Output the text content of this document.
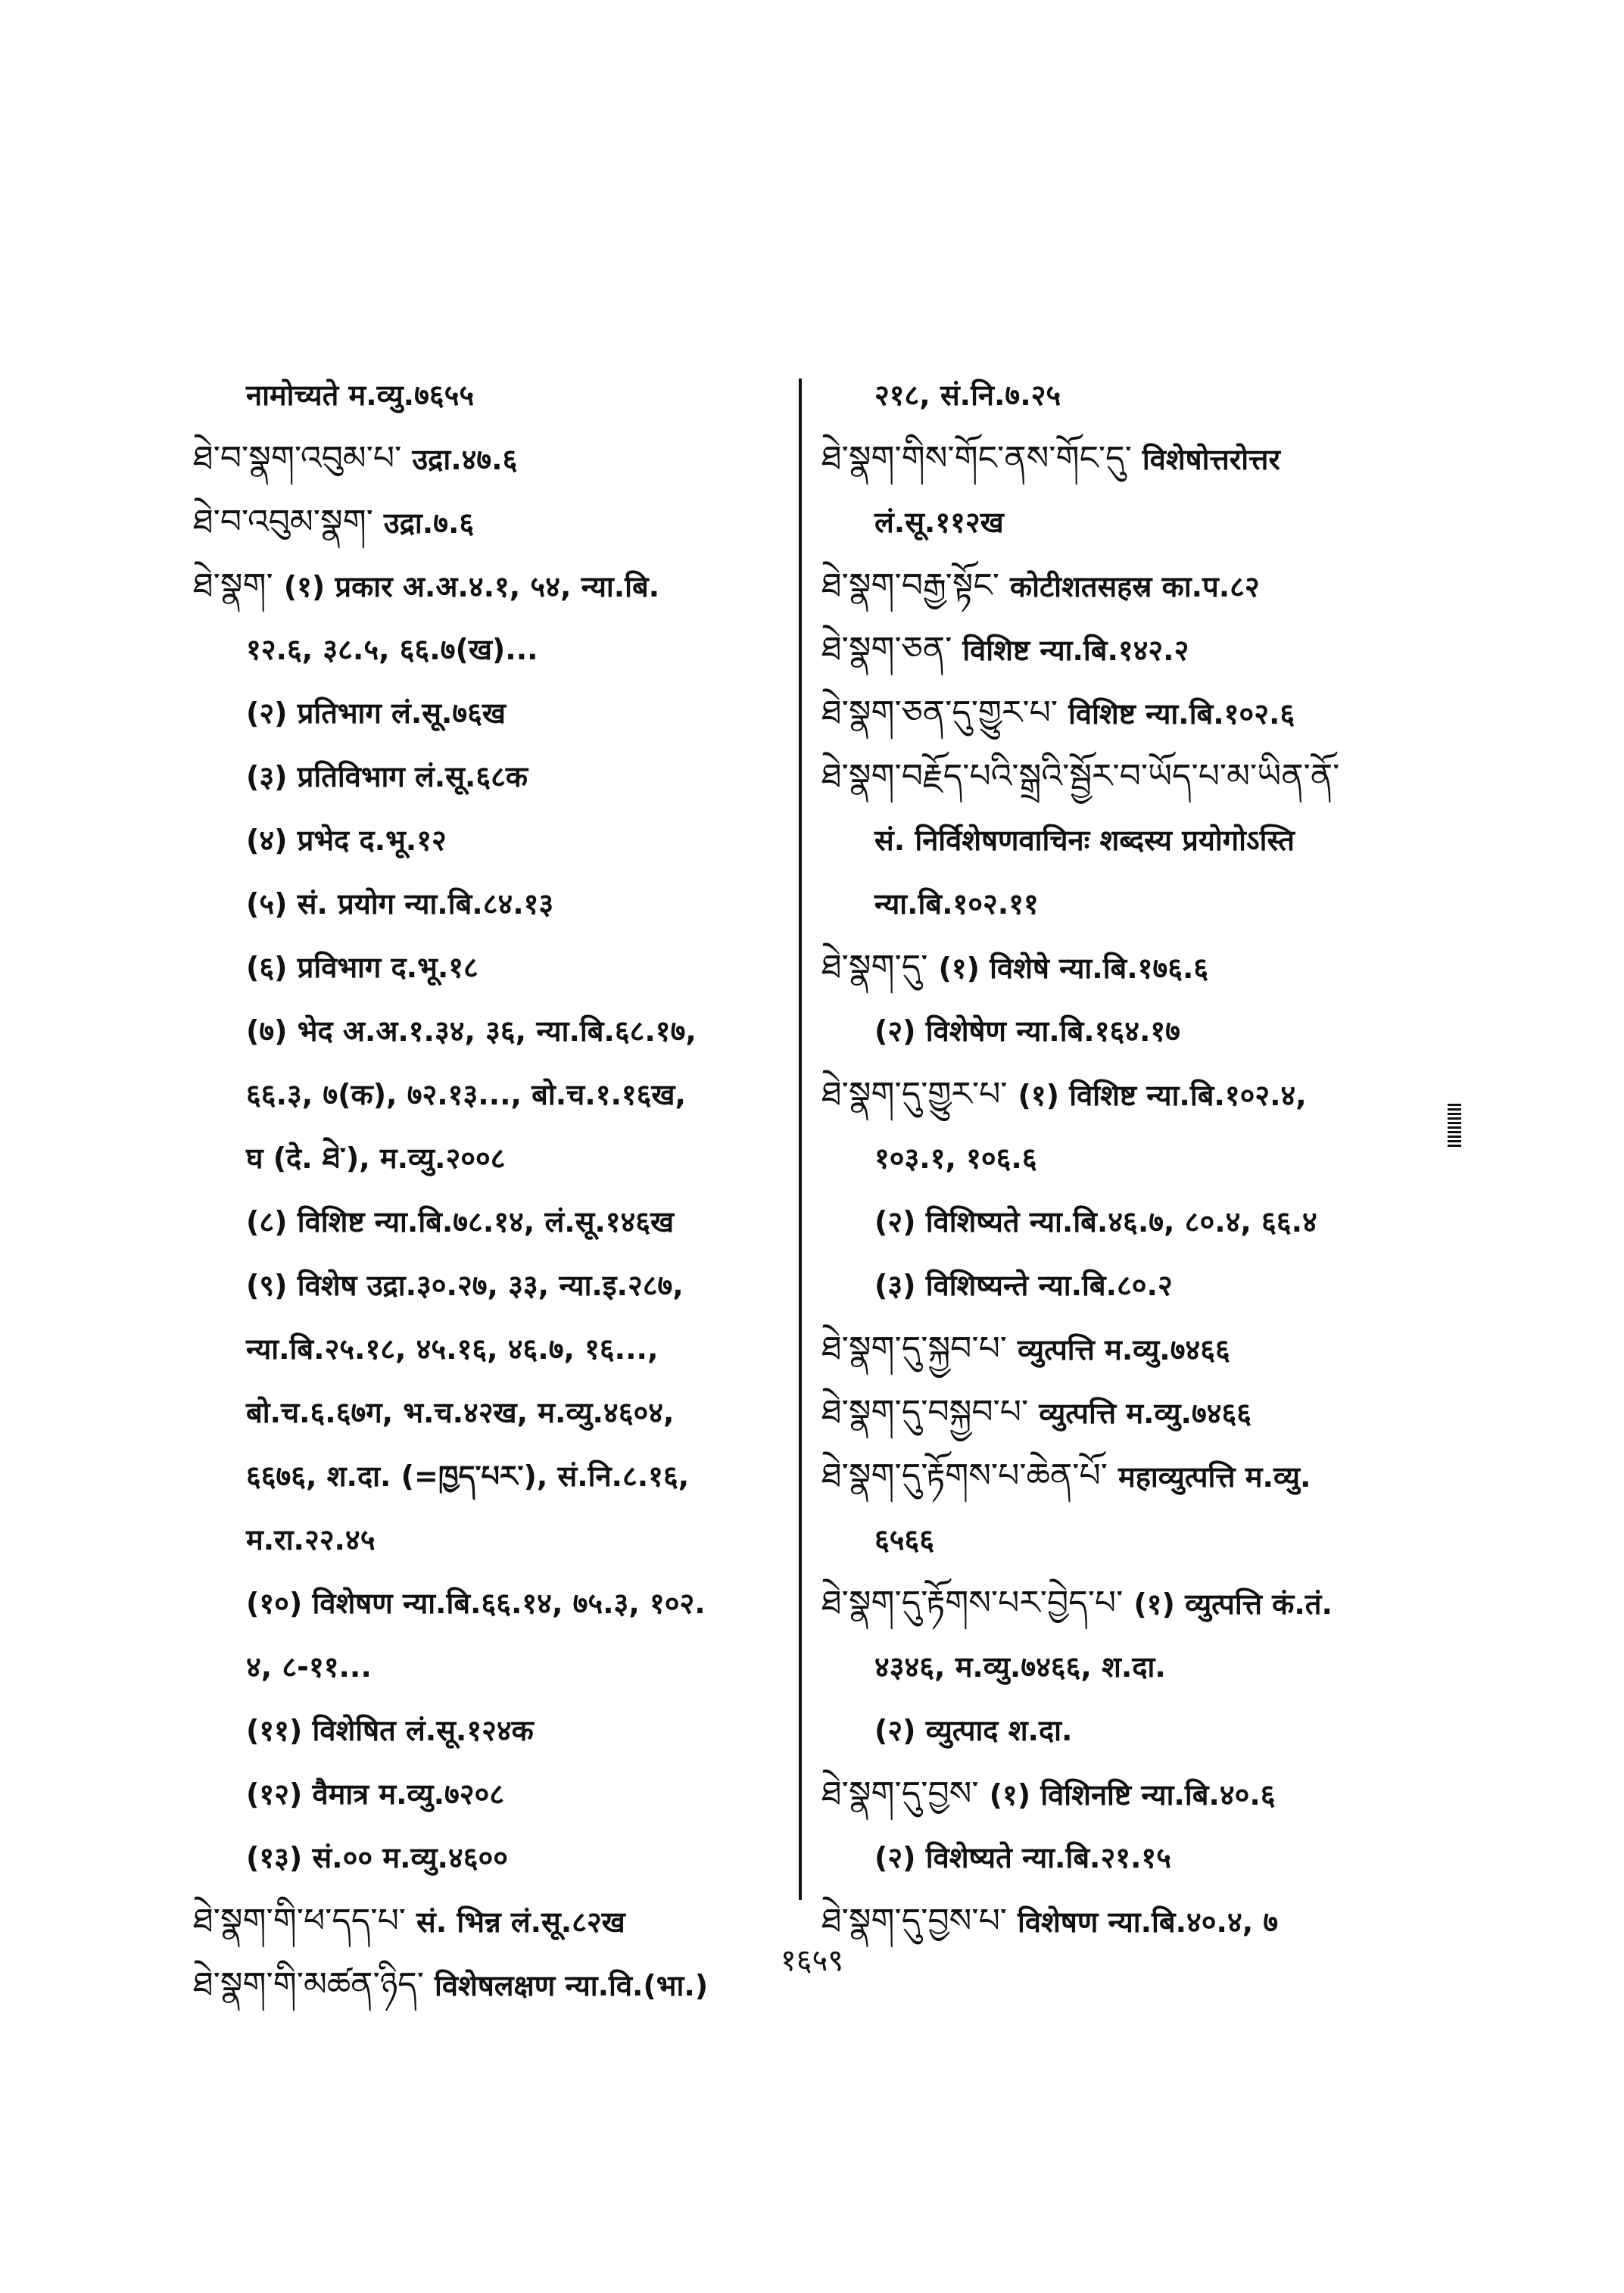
नामोच्यते म.व्यु.७६५५
ཐེ་བ་སྣག་འབུམ་པ་ उद्रा.४७.६
ཐེ་བ་འབུམ་སྣག་ उद्रा.७.६
ཐེ་སྣག་ (१) प्रकार अ.अ.४.१, ५४, न्या.बि.
१२.६, ३८.५, ६६.७(ख)...
(२) प्रतिभाग लं.सू.७६ख
(३) प्रतिविभाग लं.सू.६८क
(४) प्रभेद द.भू.१२
(५) सं. प्रयोग न्या.बि.८४.१३
(६) प्रविभाग द.भू.१८
(७) भेद अ.अ.१.३४, ३६, न्या.बि.६८.१७,
६६.३, ७(क), ७२.१३..., बो.च.१.१६ख,
घ (दे. ཐེ་), म.व्यु.२००८
(८) विशिष्ट न्या.बि.७८.१४, लं.सू.१४६ख
(९) विशेष उद्रा.३०.२७, ३३, न्या.इ.२८७,
न्या.बि.२५.१८, ४५.१६, ४६.७, १६...,
बो.च.६.६७ग, भ.च.४२ख, म.व्यु.४६०४,
६६७६, श.दा. (=ཁྱད་པར་), सं.नि.८.१६,
म.रा.२२.४५
(१०) विशेषण न्या.बि.६६.१४, ७५.३, १०२.
४, ८-११...
(११) विशेषित लं.सू.१२४क
(१२) वैमात्र म.व्यु.७२०८
(१३) सं.०० म.व्यु.४६००
ཐེ་སྣག་གི་ཕ་དད་པ་ सं. भिन्न लं.सू.८२ख
ཐེ་སྣག་གི་མཚན་ཉིད་ विशेषलक्षण न्या.वि.(भा.)
२१८, सं.नि.७.२५
ཐེ་སྣག་གིས་གོང་ནས་གོང་དུ་ विशेषोत्तरोत्तर
लं.सू.११२ख
ཐེ་སྣག་བརྒྱ་སྟོང་ कोटीशतसहस्र का.प.८२
ཐེ་སྣག་ཅན་ विशिष्ट न्या.बि.१४२.२
ཐེ་སྣག་ཅན་དུ་གྱུར་པ་ विशिष्ट न्या.बि.१०२.६
ཐེ་སྣག་བརྗོད་པའི་སྒྲའི་སྦྱོར་བ་ཡོད་པ་མ་ཡིན་ནོ་
सं. निर्विशेषणवाचिनः शब्दस्य प्रयोगोऽस्ति
न्या.बि.१०२.११
ཐེ་སྣག་དུ་ (१) विशेषे न्या.बि.१७६.६
(२) विशेषेण न्या.बि.१६४.१७
ཐེ་སྣག་དུ་གྱུར་པ་ (१) विशिष्ट न्या.बि.१०२.४,
१०३.१, १०६.६
(२) विशिष्यते न्या.बि.४६.७, ८०.४, ६६.४
(३) विशिष्यन्ते न्या.बि.८०.२
ཐེ་སྣག་དུ་སྐྱབ་པ་ व्युत्पत्ति म.व्यु.७४६६
ཐེ་སྣག་དུ་བསྐྱབ་པ་ व्युत्पत्ति म.व्यु.७४६६
ཐེ་སྣག་དུ་རྟོགས་པ་ཆེན་པོ་ महाव्युत्पत्ति म.व्यु.
६५६६
ཐེ་སྣག་དུ་རྟོགས་པར་བྱེད་པ་ (१) व्युत्पत्ति कं.तं.
४३४६, म.व्यु.७४६६, श.दा.
(२) व्युत्पाद श.दा.
ཐེ་སྣག་དུ་བྱས་ (१) विशिनष्टि न्या.बि.४०.६
(२) विशेष्यते न्या.बि.२१.१५
ཐེ་སྣག་དུ་བྱས་པ་ विशेषण न्या.बि.४०.४, ७
१६५९
